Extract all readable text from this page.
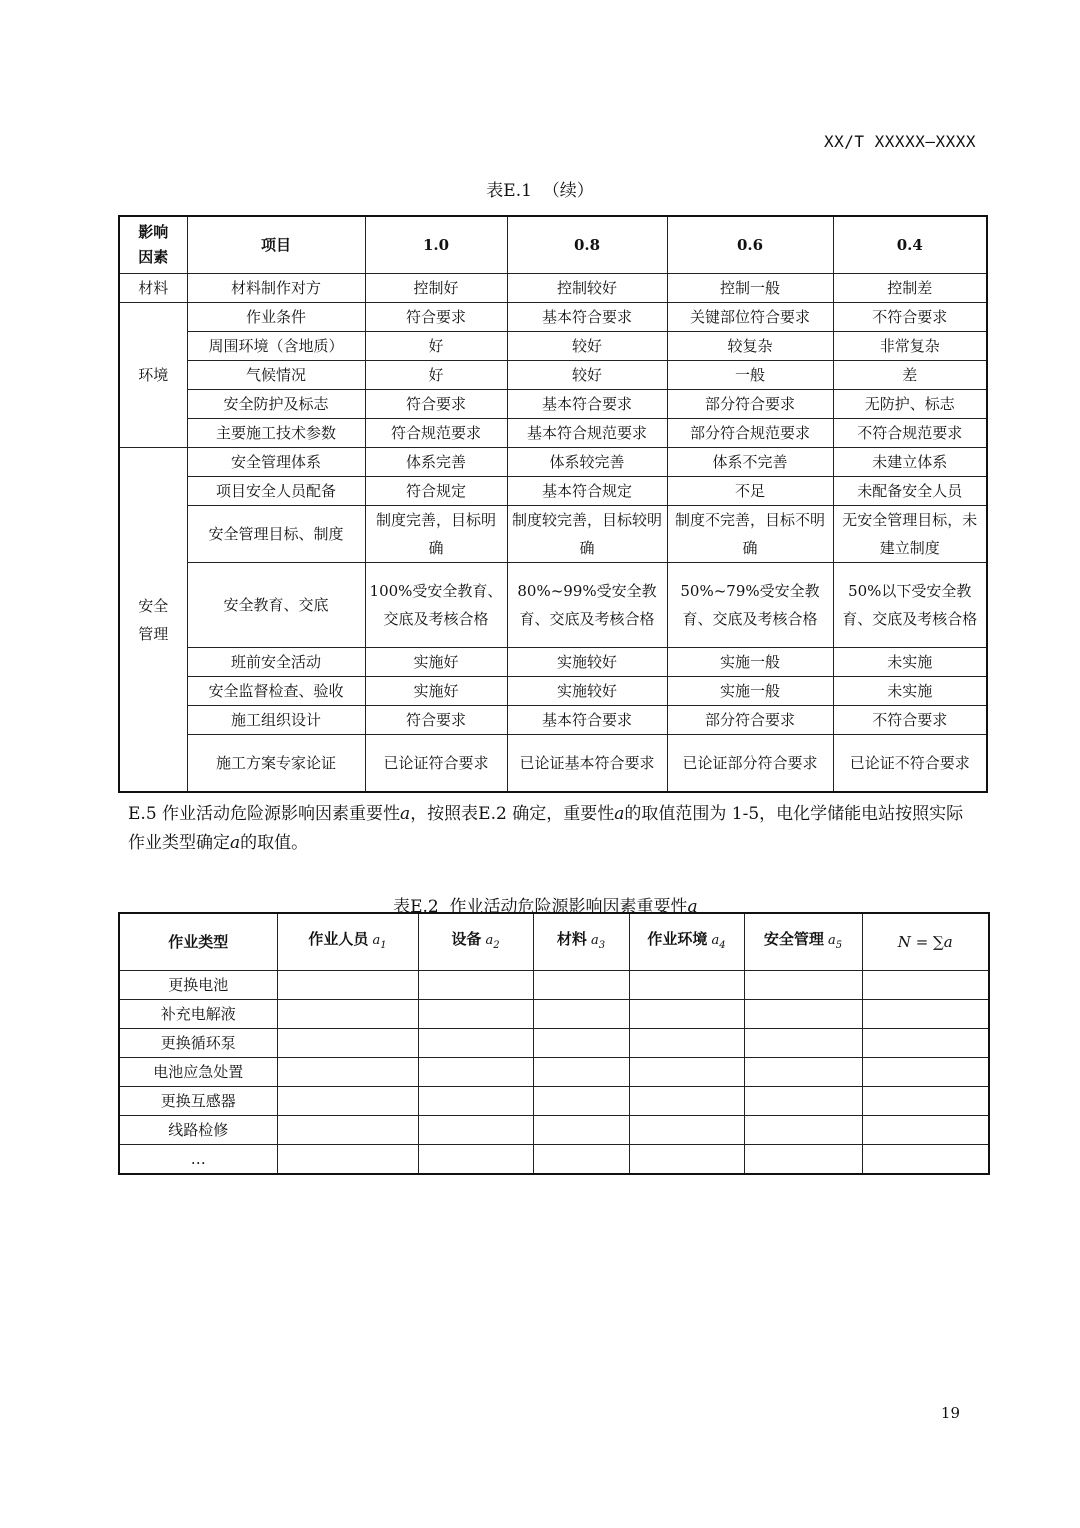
XX/T XXXXX—XXXX
表E.1  （续）
影响
因素	项目	1.0	0.8	0.6	0.4
材料	材料制作对方	控制好	控制较好	控制一般	控制差
环境	作业条件	符合要求	基本符合要求	关键部位符合要求	不符合要求
	周围环境（含地质）	好	较好	较复杂	非常复杂
	气候情况	好	较好	一般	差
	安全防护及标志	符合要求	基本符合要求	部分符合要求	无防护、标志
	主要施工技术参数	符合规范要求	基本符合规范要求	部分符合规范要求	不符合规范要求
安全
管理	安全管理体系	体系完善	体系较完善	体系不完善	未建立体系
	项目安全人员配备	符合规定	基本符合规定	不足	未配备安全人员
	安全管理目标、制度	制度完善，目标明确	制度较完善，目标较明确	制度不完善，目标不明确	无安全管理目标，未建立制度
	安全教育、交底	100%受安全教育、交底及考核合格	80%~99%受安全教育、交底及考核合格	50%~79%受安全教育、交底及考核合格	50%以下受安全教育、交底及考核合格
	班前安全活动	实施好	实施较好	实施一般	未实施
	安全监督检查、验收	实施好	实施较好	实施一般	未实施
	施工组织设计	符合要求	基本符合要求	部分符合要求	不符合要求
	施工方案专家论证	已论证符合要求	已论证基本符合要求	已论证部分符合要求	已论证不符合要求
E.5 作业活动危险源影响因素重要性a，按照表E.2 确定，重要性a的取值范围为 1-5，电化学储能电站按照实际作业类型确定a的取值。

表E.2  作业活动危险源影响因素重要性a

作业类型	作业人员 $a_1$	设备 $a_2$	材料 $a_3$	作业环境 $a_4$	安全管理 $a_5$	N = ∑a
更换电池						
补充电解液						
更换循环泵						
电池应急处置						
更换互感器						
线路检修						
…						
19
